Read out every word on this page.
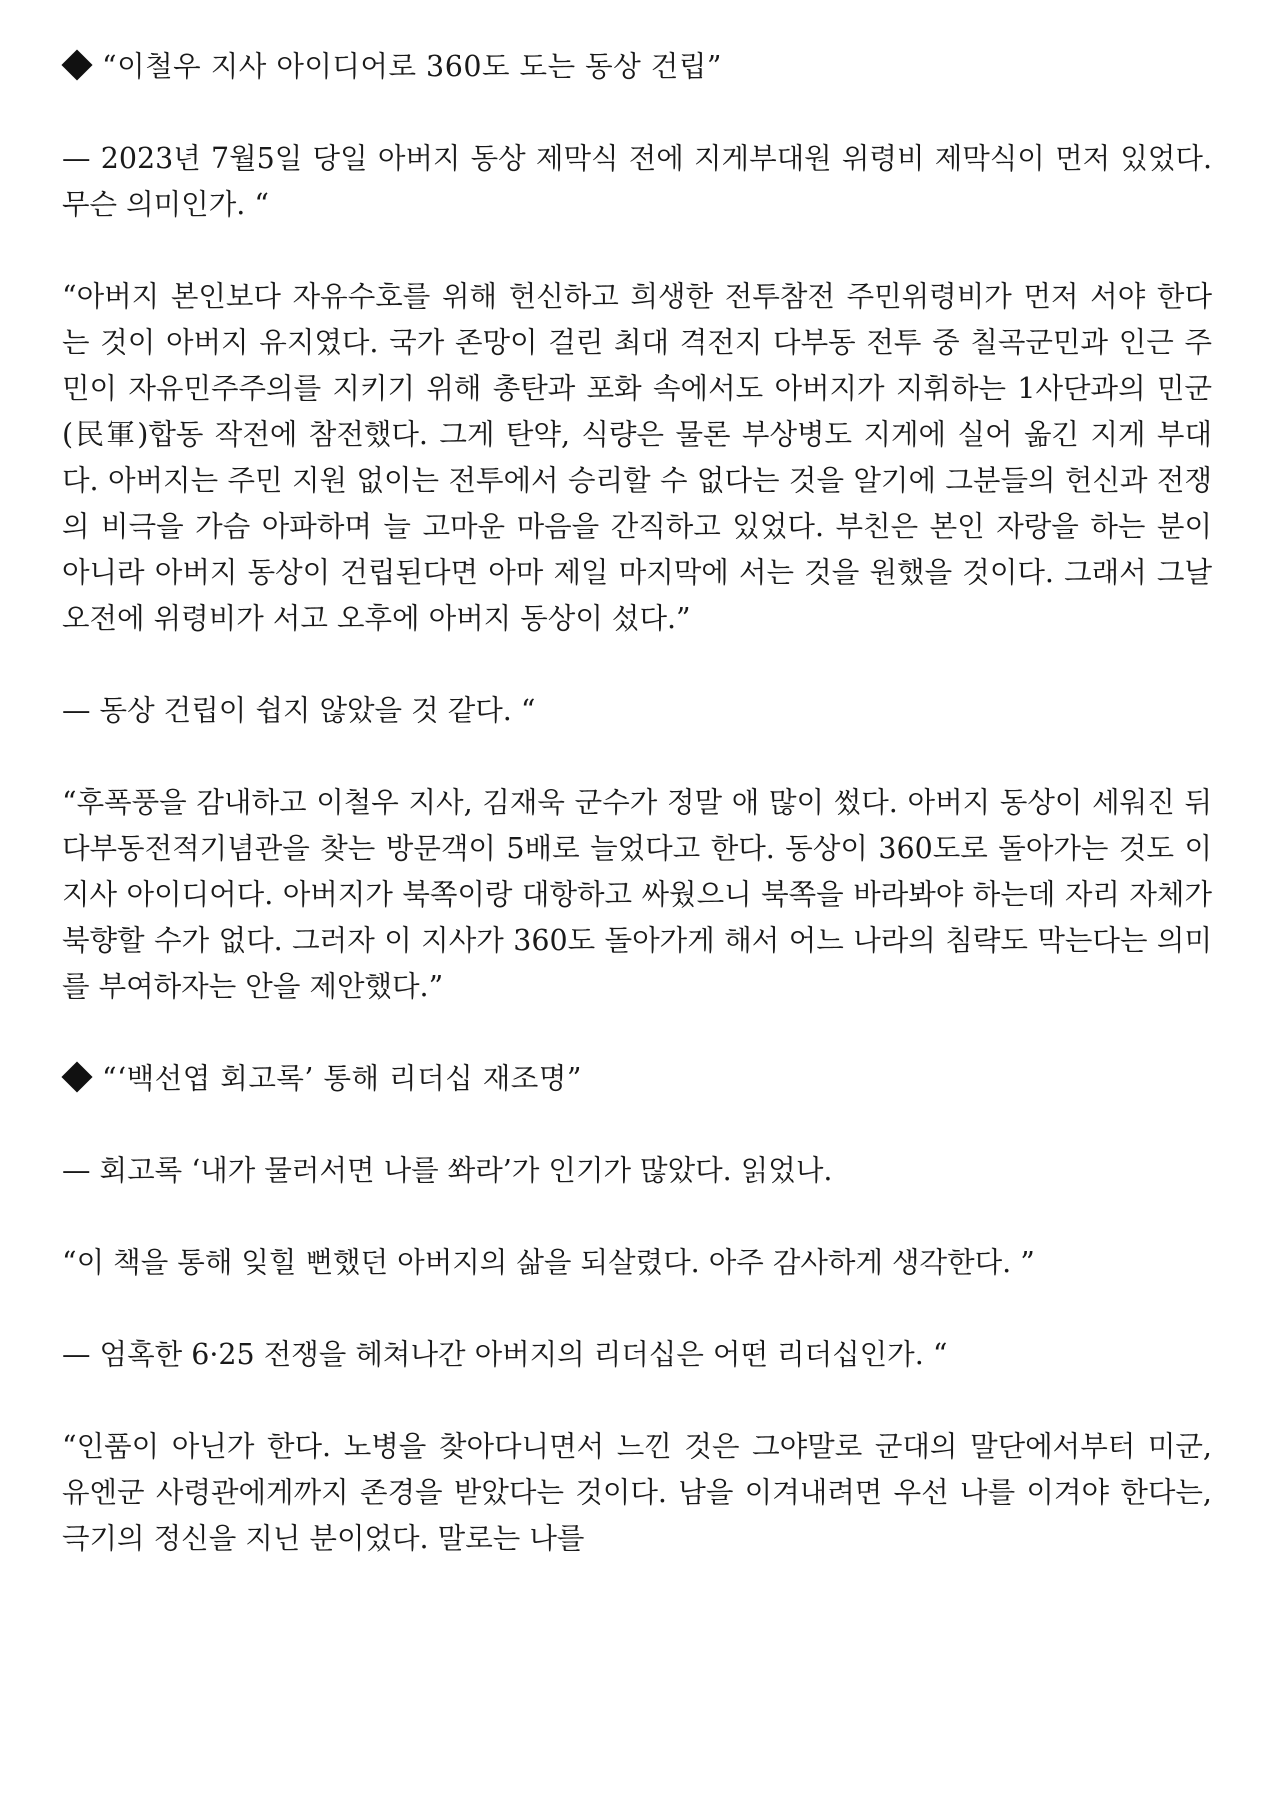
“이철우 지사 아이디어로 360도 도는 동상 건립”

— 2023년 7월5일 당일 아버지 동상 제막식 전에 지게부대원 위령비 제막식이 먼저 있었다. 무슨 의미인가. “

“아버지 본인보다 자유수호를 위해 헌신하고 희생한 전투참전 주민위령비가 먼저 서야 한다는 것이 아버지 유지였다. 국가 존망이 걸린 최대 격전지 다부동 전투 중 칠곡군민과 인근 주민이 자유민주주의를 지키기 위해 총탄과 포화 속에서도 아버지가 지휘하는 1사단과의 민군(民軍)합동 작전에 참전했다. 그게 탄약, 식량은 물론 부상병도 지게에 실어 옮긴 지게 부대다. 아버지는 주민 지원 없이는 전투에서 승리할 수 없다는 것을 알기에 그분들의 헌신과 전쟁의 비극을 가슴 아파하며 늘 고마운 마음을 간직하고 있었다. 부친은 본인 자랑을 하는 분이 아니라 아버지 동상이 건립된다면 아마 제일 마지막에 서는 것을 원했을 것이다. 그래서 그날 오전에 위령비가 서고 오후에 아버지 동상이 섰다.”

— 동상 건립이 쉽지 않았을 것 같다. “

“후폭풍을 감내하고 이철우 지사, 김재욱 군수가 정말 애 많이 썼다. 아버지 동상이 세워진 뒤 다부동전적기념관을 찾는 방문객이 5배로 늘었다고 한다. 동상이 360도로 돌아가는 것도 이 지사 아이디어다. 아버지가 북쪽이랑 대항하고 싸웠으니 북쪽을 바라봐야 하는데 자리 자체가 북향할 수가 없다. 그러자 이 지사가 360도 돌아가게 해서 어느 나라의 침략도 막는다는 의미를 부여하자는 안을 제안했다.”

“‘백선엽 회고록’ 통해 리더십 재조명”

— 회고록 ‘내가 물러서면 나를 쏴라’가 인기가 많았다. 읽었나.

“이 책을 통해 잊힐 뻔했던 아버지의 삶을 되살렸다. 아주 감사하게 생각한다. ”

— 엄혹한 6·25 전쟁을 헤쳐나간 아버지의 리더십은 어떤 리더십인가. “

“인품이 아닌가 한다. 노병을 찾아다니면서 느낀 것은 그야말로 군대의 말단에서부터 미군, 유엔군 사령관에게까지 존경을 받았다는 것이다. 남을 이겨내려면 우선 나를 이겨야 한다는, 극기의 정신을 지닌 분이었다. 말로는 나를
